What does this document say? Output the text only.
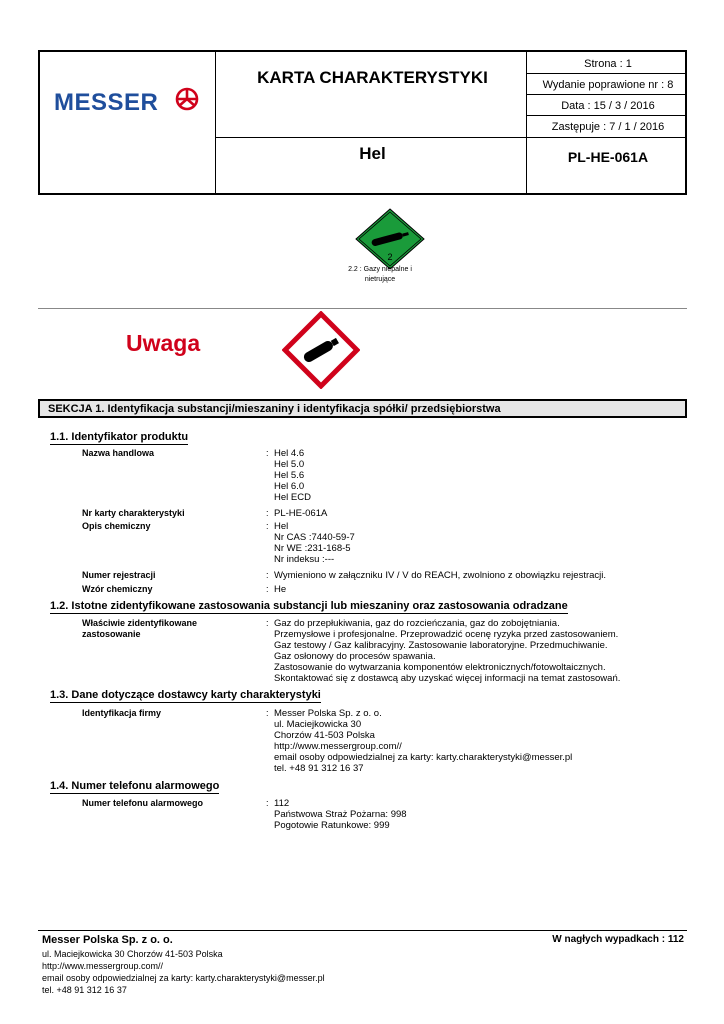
MESSER
KARTA CHARAKTERYSTYKI
Strona : 1
Wydanie poprawione nr : 8
Data : 15 / 3 / 2016
Zastępuje : 7 / 1 / 2016
Hel	PL-HE-061A
2
2.2 : Gazy niepalne i
nietrujące
Uwaga
SEKCJA 1. Identyfikacja substancji/mieszaniny i identyfikacja spółki/ przedsiębiorstwa
1.1. Identyfikator produktu
Nazwa handlowa	: Hel 4.6
Hel 5.0
Hel 5.6
Hel 6.0
Hel ECD
Nr karty charakterystyki	: PL-HE-061A
Opis chemiczny	: Hel
Nr CAS :7440-59-7
Nr WE :231-168-5
Nr indeksu :---
Numer rejestracji	: Wymieniono w załączniku IV / V do REACH, zwolniono z obowiązku rejestracji.
Wzór chemiczny	: He
1.2. Istotne zidentyfikowane zastosowania substancji lub mieszaniny oraz zastosowania odradzane
Właściwie zidentyfikowane
zastosowanie
: Gaz do przepłukiwania, gaz do rozcieńczania, gaz do zobojętniania.
Przemysłowe i profesjonalne. Przeprowadzić ocenę ryzyka przed zastosowaniem.
Gaz testowy / Gaz kalibracyjny. Zastosowanie laboratoryjne. Przedmuchiwanie.
Gaz osłonowy do procesów spawania.
Zastosowanie do wytwarzania komponentów elektronicznych/fotowoltaicznych.
Skontaktować się z dostawcą aby uzyskać więcej informacji na temat zastosowań.
1.3. Dane dotyczące dostawcy karty charakterystyki
Identyfikacja firmy	: Messer Polska Sp. z o. o.
ul. Maciejkowicka 30
Chorzów 41-503 Polska
http://www.messergroup.com//
email osoby odpowiedzialnej za karty: karty.charakterystyki@messer.pl
tel. +48 91 312 16 37
1.4. Numer telefonu alarmowego
Numer telefonu alarmowego	: 112
Państwowa Straż Pożarna: 998
Pogotowie Ratunkowe: 999
Messer Polska Sp. z o. o.	W nagłych wypadkach : 112
ul. Maciejkowicka 30 Chorzów 41-503 Polska
http://www.messergroup.com//
email osoby odpowiedzialnej za karty: karty.charakterystyki@messer.pl
tel. +48 91 312 16 37
